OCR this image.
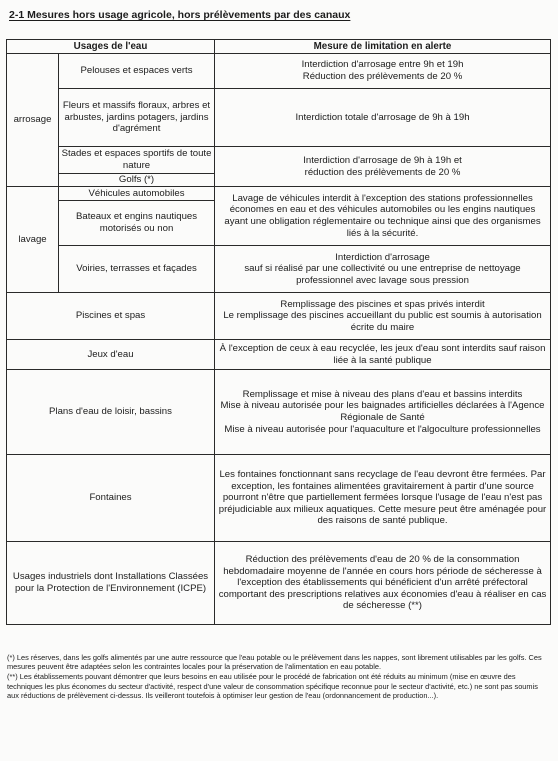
2-1 Mesures hors usage agricole, hors prélèvements par des canaux
Usages de l'eau		Mesure de limitation en alerte
arrosage	Pelouses et espaces verts	Interdiction d'arrosage entre 9h et 19h
Réduction des prélèvements de 20 %
	Fleurs et massifs floraux, arbres et arbustes, jardins potagers, jardins d'agrément	Interdiction totale d'arrosage de 9h à 19h
	Stades et espaces sportifs de toute nature	Interdiction d'arrosage de 9h à 19h et
réduction des prélèvements de 20 %
	Golfs (*)	
lavage	Véhicules automobiles	Lavage de véhicules interdit à l'exception des stations professionnelles économes en eau et des véhicules automobiles ou les engins nautiques ayant une obligation réglementaire ou technique ainsi que des organismes liés à la sécurité.
	Bateaux et engins nautiques motorisés ou non	
	Voiries, terrasses et façades	Interdiction d'arrosage
sauf si réalisé par une collectivité ou une entreprise de nettoyage professionnel avec lavage sous pression
Piscines et spas		Remplissage des piscines et spas privés interdit
Le remplissage des piscines accueillant du public est soumis à autorisation écrite du maire
Jeux d'eau		À l'exception de ceux à eau recyclée, les jeux d'eau sont interdits sauf raison liée à la santé publique
Plans d'eau de loisir, bassins		Remplissage et mise à niveau des plans d'eau et bassins interdits
Mise à niveau autorisée pour les baignades artificielles déclarées à l'Agence Régionale de Santé
Mise à niveau autorisée pour l'aquaculture et l'algoculture professionnelles
Fontaines		Les fontaines fonctionnant sans recyclage de l'eau devront être fermées. Par exception, les fontaines alimentées gravitairement à partir d'une source pourront n'être que partiellement fermées lorsque l'usage de l'eau n'est pas préjudiciable aux milieux aquatiques. Cette mesure peut être aménagée pour des raisons de santé publique.
Usages industriels dont Installations Classées pour la Protection de l'Environnement (ICPE)		Réduction des prélèvements d'eau de 20 % de la consommation hebdomadaire moyenne de l'année en cours hors période de sécheresse à l'exception des établissements qui bénéficient d'un arrêté préfectoral comportant des prescriptions relatives aux économies d'eau à réaliser en cas de sécheresse (**)

(*) Les réserves, dans les golfs alimentés par une autre ressource que l'eau potable ou le prélèvement dans les nappes, sont librement utilisables par les golfs. Ces mesures peuvent être adaptées selon les contraintes locales pour la préservation de l'alimentation en eau potable.

(**) Les établissements pouvant démontrer que leurs besoins en eau utilisée pour le procédé de fabrication ont été réduits au minimum (mise en œuvre des techniques les plus économes du secteur d'activité, respect d'une valeur de consommation spécifique reconnue pour le secteur d'activité, etc.) ne sont pas soumis aux réductions de prélèvement ci-dessus. Ils veilleront toutefois à optimiser leur gestion de l'eau (ordonnancement de production...).
